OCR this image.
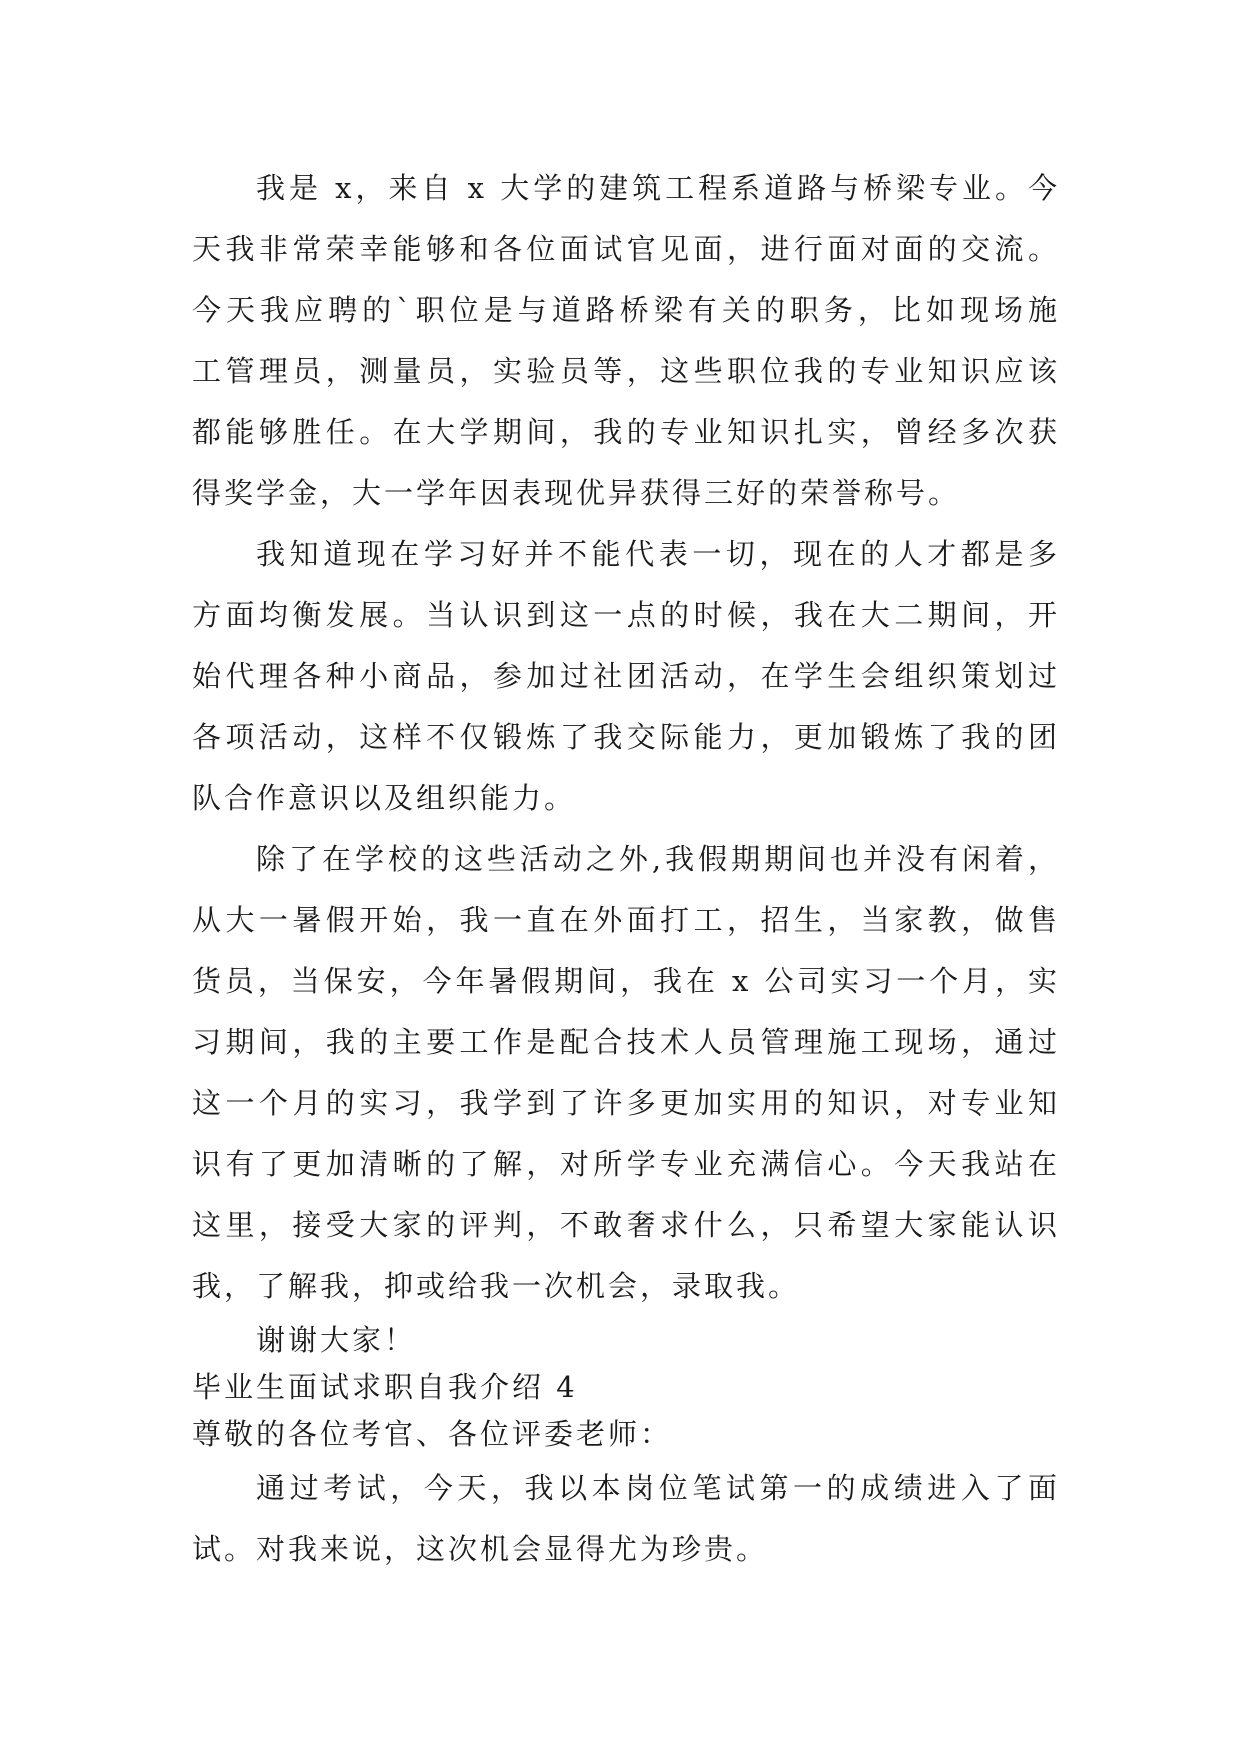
我是 x，来自 x 大学的建筑工程系道路与桥梁专业。今
天我非常荣幸能够和各位面试官见面，进行面对面的交流。
今天我应聘的`职位是与道路桥梁有关的职务，比如现场施
工管理员，测量员，实验员等，这些职位我的专业知识应该
都能够胜任。在大学期间，我的专业知识扎实，曾经多次获
得奖学金，大一学年因表现优异获得三好的荣誉称号。
我知道现在学习好并不能代表一切，现在的人才都是多
方面均衡发展。当认识到这一点的时候，我在大二期间，开
始代理各种小商品，参加过社团活动，在学生会组织策划过
各项活动，这样不仅锻炼了我交际能力，更加锻炼了我的团
队合作意识以及组织能力。
除了在学校的这些活动之外,我假期期间也并没有闲着，
从大一暑假开始，我一直在外面打工，招生，当家教，做售
货员，当保安，今年暑假期间，我在 x 公司实习一个月，实
习期间，我的主要工作是配合技术人员管理施工现场，通过
这一个月的实习，我学到了许多更加实用的知识，对专业知
识有了更加清晰的了解，对所学专业充满信心。今天我站在
这里，接受大家的评判，不敢奢求什么，只希望大家能认识
我，了解我，抑或给我一次机会，录取我。
谢谢大家！
毕业生面试求职自我介绍 4
尊敬的各位考官、各位评委老师：
通过考试，今天，我以本岗位笔试第一的成绩进入了面
试。对我来说，这次机会显得尤为珍贵。
